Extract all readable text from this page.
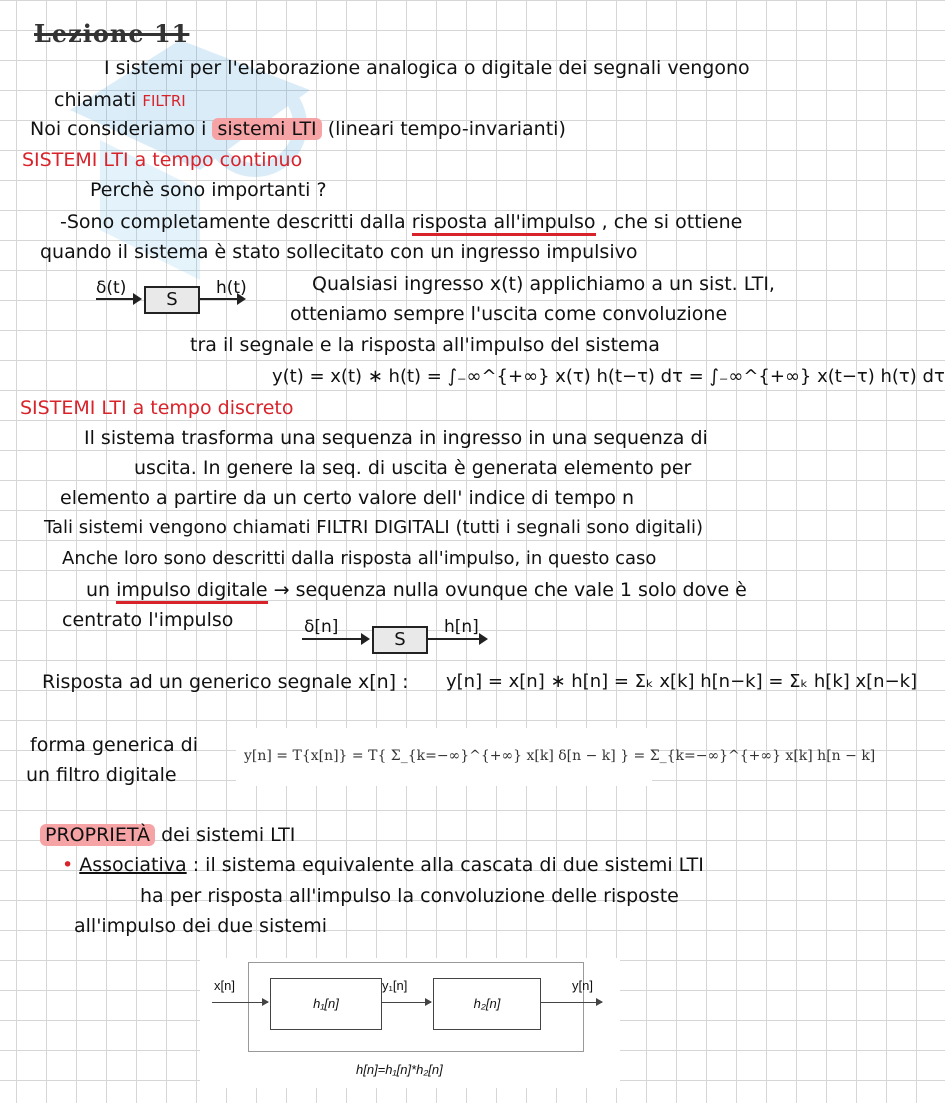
Lezione 11
I sistemi per l'elaborazione analogica o digitale dei segnali vengono
chiamati FILTRI
Noi consideriamo i sistemi LTI (lineari tempo-invarianti)
SISTEMI LTI a tempo continuo
Perchè sono importanti ?
-Sono completamente descritti dalla risposta all'impulso , che si ottiene
quando il sistema è stato sollecitato con un ingresso impulsivo
δ(t)
S
h(t)	Qualsiasi ingresso x(t) applichiamo a un sist. LTI,
otteniamo sempre l'uscita come convoluzione
tra il segnale e la risposta all'impulso del sistema
y(t) = x(t) ∗ h(t) = ∫₋∞^{+∞} x(τ) h(t−τ) dτ = ∫₋∞^{+∞} x(t−τ) h(τ) dτ
SISTEMI LTI a tempo discreto
Il sistema trasforma una sequenza in ingresso in una sequenza di
uscita. In genere la seq. di uscita è generata elemento per
elemento a partire da un certo valore dell' indice di tempo n
Tali sistemi vengono chiamati FILTRI DIGITALI (tutti i segnali sono digitali)
Anche loro sono descritti dalla risposta all'impulso, in questo caso
un impulso digitale → sequenza nulla ovunque che vale 1 solo dove è
centrato l'impulso	δ[n]
S
h[n]
Risposta ad un generico segnale x[n] : y[n] = x[n] ∗ h[n] = Σₖ x[k] h[n−k] = Σₖ h[k] x[n−k]
forma generica di
un filtro digitale
y[n] = T{x[n]} = T{ Σ_{k=−∞}^{+∞} x[k] δ[n − k] } = Σ_{k=−∞}^{+∞} x[k] h[n − k]
PROPRIETÀ dei sistemi LTI
• Associativa : il sistema equivalente alla cascata di due sistemi LTI
ha per risposta all'impulso la convoluzione delle risposte
all'impulso dei due sistemi
x[n]
h₁[n]
y₁[n]
h₂[n]
y[n]
h[n]=h₁[n]*h₂[n]
